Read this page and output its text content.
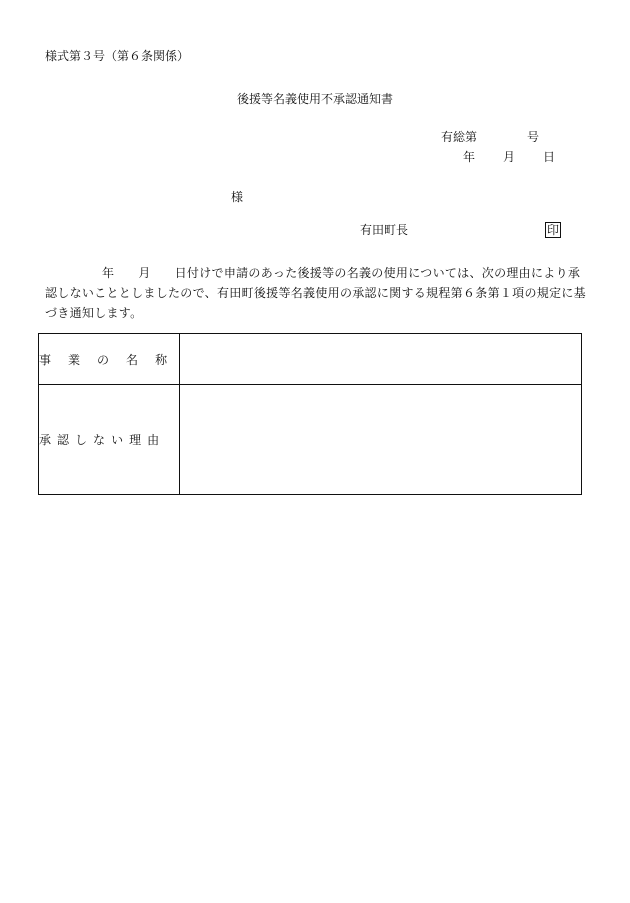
様式第３号（第６条関係）
後援等名義使用不承認通知書
有総第	号
年 月 日
様
有田町長	印
年 月 日付けで申請のあった後援等の名義の使用については、次の理由により承認しないこととしましたので、有田町後援等名義使用の承認に関する規程第６条第１項の規定に基づき通知します。
事 業 の 名 称	
承 認 し な い 理 由	
